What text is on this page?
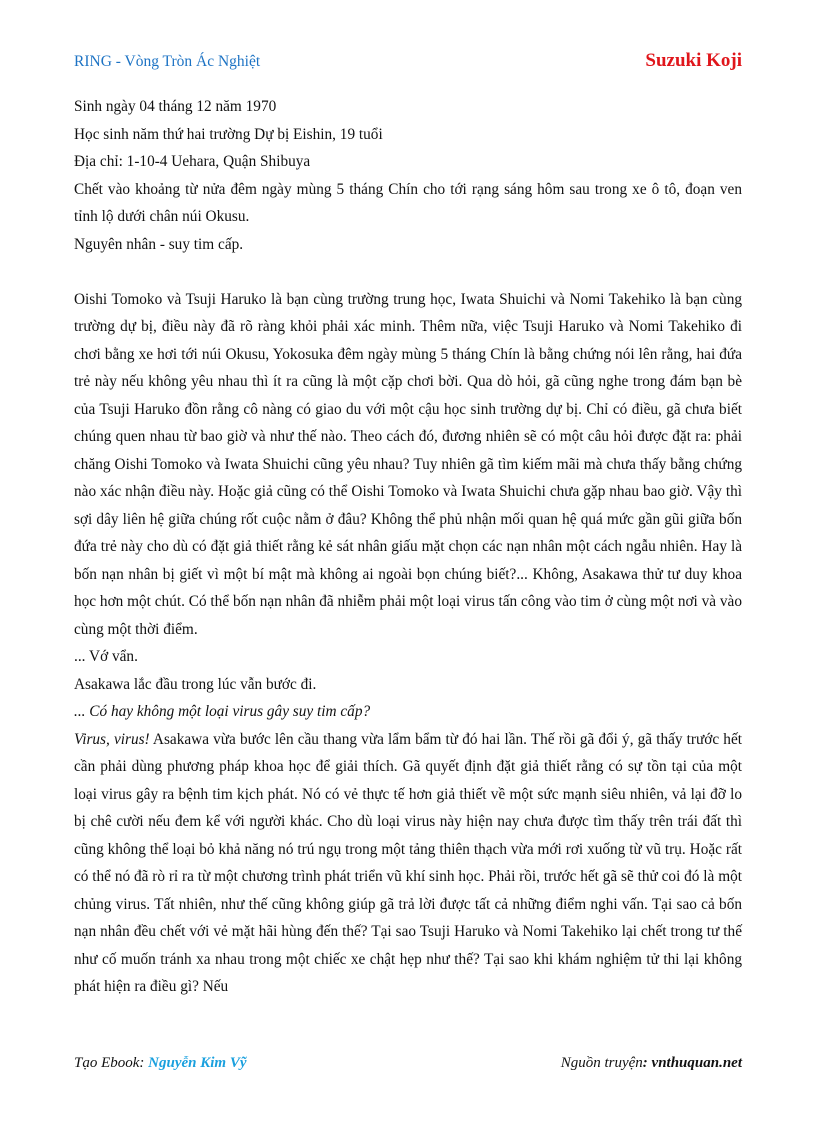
RING - Vòng Tròn Ác Nghiệt	Suzuki Koji

Sinh ngày 04 tháng 12 năm 1970

Học sinh năm thứ hai trường Dự bị Eishin, 19 tuổi

Địa chỉ: 1-10-4 Uehara, Quận Shibuya

Chết vào khoảng từ nửa đêm ngày mùng 5 tháng Chín cho tới rạng sáng hôm sau trong xe ô tô, đoạn ven tỉnh lộ dưới chân núi Okusu.

Nguyên nhân - suy tim cấp.

Oishi Tomoko và Tsuji Haruko là bạn cùng trường trung học, Iwata Shuichi và Nomi Takehiko là bạn cùng trường dự bị, điều này đã rõ ràng khỏi phải xác minh. Thêm nữa, việc Tsuji Haruko và Nomi Takehiko đi chơi bằng xe hơi tới núi Okusu, Yokosuka đêm ngày mùng 5 tháng Chín là bằng chứng nói lên rằng, hai đứa trẻ này nếu không yêu nhau thì ít ra cũng là một cặp chơi bời. Qua dò hỏi, gã cũng nghe trong đám bạn bè của Tsuji Haruko đồn rằng cô nàng có giao du với một cậu học sinh trường dự bị. Chỉ có điều, gã chưa biết chúng quen nhau từ bao giờ và như thế nào. Theo cách đó, đương nhiên sẽ có một câu hỏi được đặt ra: phải chăng Oishi Tomoko và Iwata Shuichi cũng yêu nhau? Tuy nhiên gã tìm kiếm mãi mà chưa thấy bằng chứng nào xác nhận điều này. Hoặc giả cũng có thể Oishi Tomoko và Iwata Shuichi chưa gặp nhau bao giờ. Vậy thì sợi dây liên hệ giữa chúng rốt cuộc nằm ở đâu? Không thể phủ nhận mối quan hệ quá mức gần gũi giữa bốn đứa trẻ này cho dù có đặt giả thiết rằng kẻ sát nhân giấu mặt chọn các nạn nhân một cách ngẫu nhiên. Hay là bốn nạn nhân bị giết vì một bí mật mà không ai ngoài bọn chúng biết?... Không, Asakawa thử tư duy khoa học hơn một chút. Có thể bốn nạn nhân đã nhiễm phải một loại virus tấn công vào tim ở cùng một nơi và vào cùng một thời điểm.

... Vớ vẩn.

Asakawa lắc đầu trong lúc vẫn bước đi.

... Có hay không một loại virus gây suy tim cấp?

Virus, virus! Asakawa vừa bước lên cầu thang vừa lẩm bẩm từ đó hai lần. Thế rồi gã đổi ý, gã thấy trước hết cần phải dùng phương pháp khoa học để giải thích. Gã quyết định đặt giả thiết rằng có sự tồn tại của một loại virus gây ra bệnh tim kịch phát. Nó có vẻ thực tế hơn giả thiết về một sức mạnh siêu nhiên, vả lại đỡ lo bị chê cười nếu đem kể với người khác. Cho dù loại virus này hiện nay chưa được tìm thấy trên trái đất thì cũng không thể loại bỏ khả năng nó trú ngụ trong một tảng thiên thạch vừa mới rơi xuống từ vũ trụ. Hoặc rất có thể nó đã rò rỉ ra từ một chương trình phát triển vũ khí sinh học. Phải rồi, trước hết gã sẽ thử coi đó là một chủng virus. Tất nhiên, như thế cũng không giúp gã trả lời được tất cả những điểm nghi vấn. Tại sao cả bốn nạn nhân đều chết với vẻ mặt hãi hùng đến thế? Tại sao Tsuji Haruko và Nomi Takehiko lại chết trong tư thế như cố muốn tránh xa nhau trong một chiếc xe chật hẹp như thế? Tại sao khi khám nghiệm tử thi lại không phát hiện ra điều gì? Nếu

Tạo Ebook: Nguyễn Kim Vỹ	Nguồn truyện: vnthuquan.net
